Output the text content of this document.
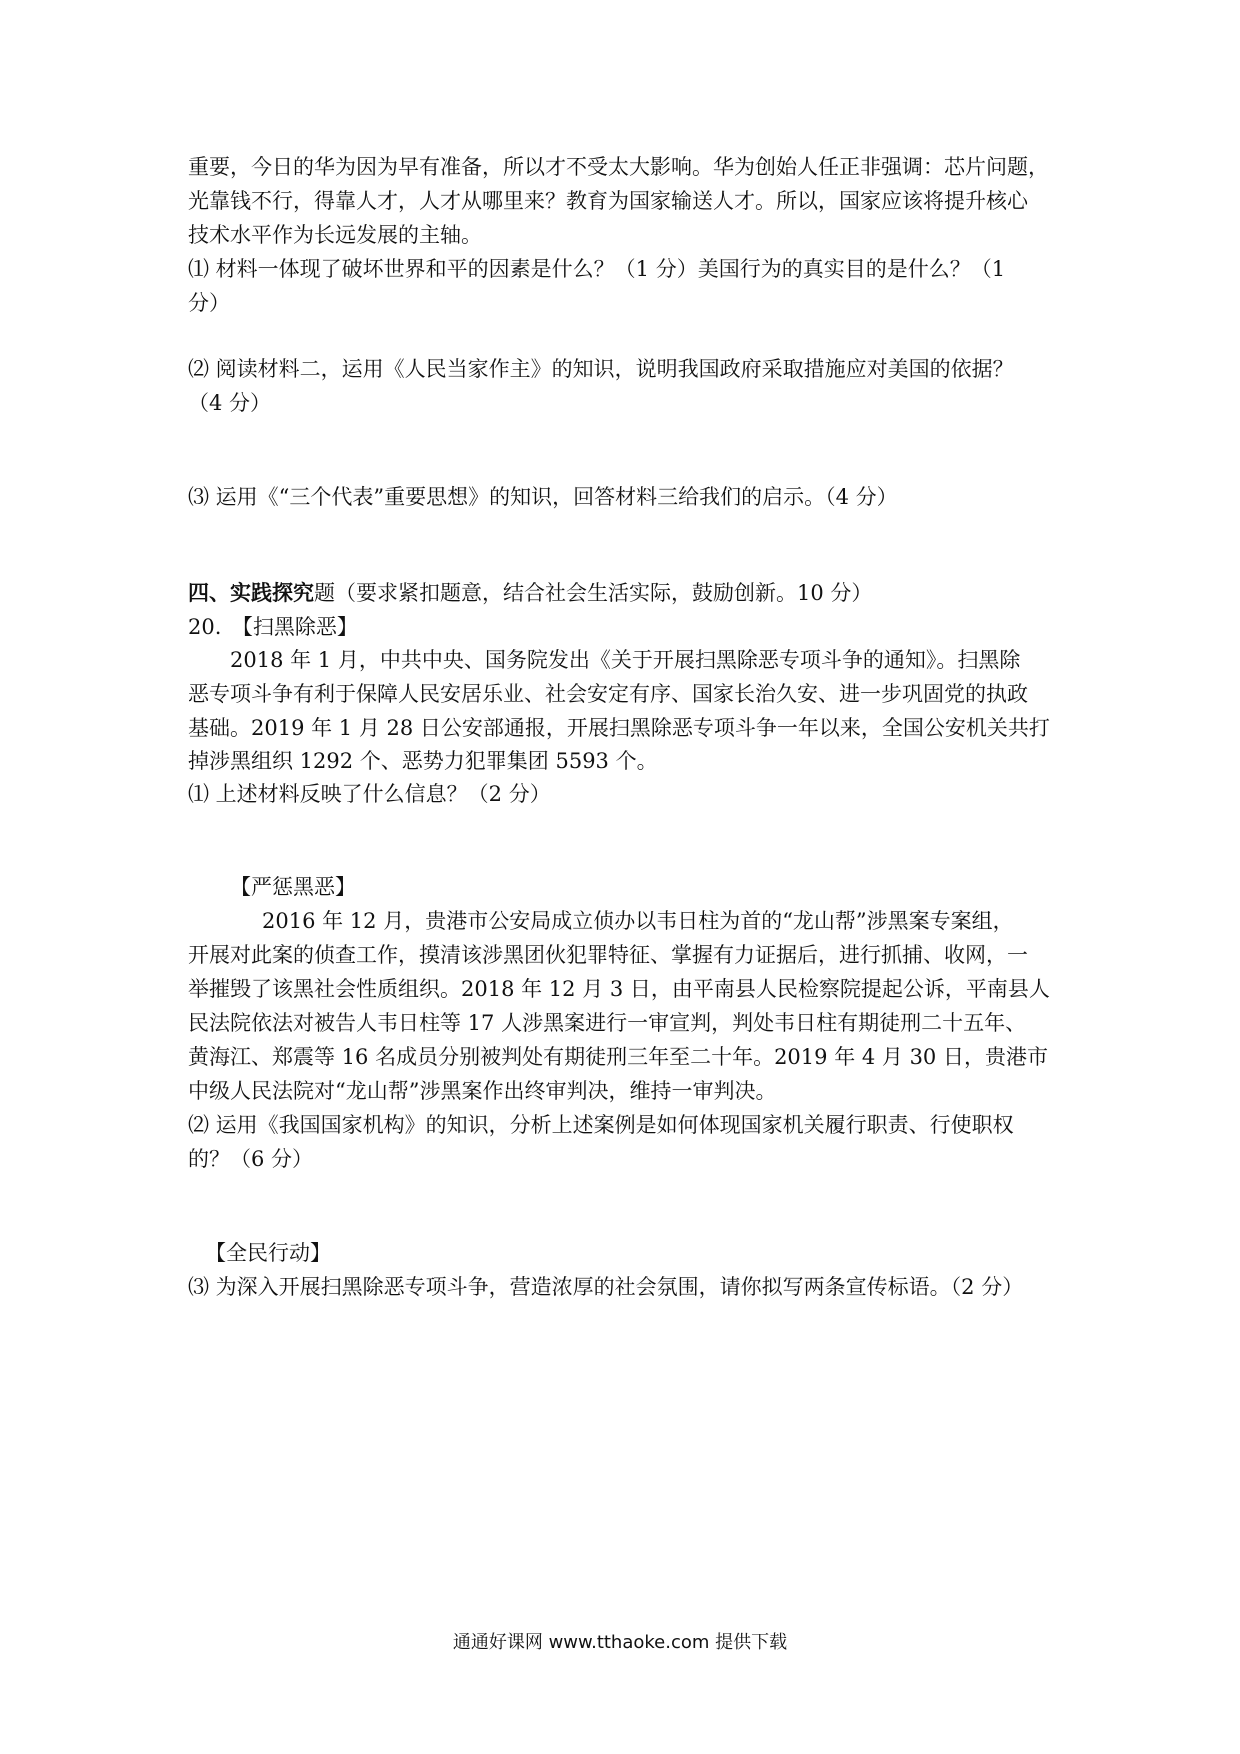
重要，今日的华为因为早有准备，所以才不受太大影响。华为创始人任正非强调：芯片问题，
光靠钱不行，得靠人才，人才从哪里来？教育为国家输送人才。所以，国家应该将提升核心
技术水平作为长远发展的主轴。
⑴ 材料一体现了破坏世界和平的因素是什么？（1 分）美国行为的真实目的是什么？（1
分）
⑵ 阅读材料二，运用《人民当家作主》的知识，说明我国政府采取措施应对美国的依据？
（4 分）
⑶ 运用《“三个代表”重要思想》的知识，回答材料三给我们的启示。（4 分）
四、实践探究题（要求紧扣题意，结合社会生活实际，鼓励创新。10 分）
20.　【扫黑除恶】
2018 年 1 月，中共中央、国务院发出《关于开展扫黑除恶专项斗争的通知》。扫黑除
恶专项斗争有利于保障人民安居乐业、社会安定有序、国家长治久安、进一步巩固党的执政
基础。2019 年 1 月 28 日公安部通报，开展扫黑除恶专项斗争一年以来，全国公安机关共打
掉涉黑组织 1292 个、恶势力犯罪集团 5593 个。
⑴ 上述材料反映了什么信息？（2 分）
【严惩黑恶】
2016 年 12 月，贵港市公安局成立侦办以韦日柱为首的“龙山帮”涉黑案专案组，
开展对此案的侦查工作，摸清该涉黑团伙犯罪特征、掌握有力证据后，进行抓捕、收网，一
举摧毁了该黑社会性质组织。2018 年 12 月 3 日，由平南县人民检察院提起公诉，平南县人
民法院依法对被告人韦日柱等 17 人涉黑案进行一审宣判，判处韦日柱有期徒刑二十五年、
黄海江、郑震等 16 名成员分别被判处有期徒刑三年至二十年。2019 年 4 月 30 日，贵港市
中级人民法院对“龙山帮”涉黑案作出终审判决，维持一审判决。
⑵ 运用《我国国家机构》的知识，分析上述案例是如何体现国家机关履行职责、行使职权
的？（6 分）
【全民行动】
⑶ 为深入开展扫黑除恶专项斗争，营造浓厚的社会氛围，请你拟写两条宣传标语。（2 分）
通通好课网 www.tthaoke.com 提供下载
